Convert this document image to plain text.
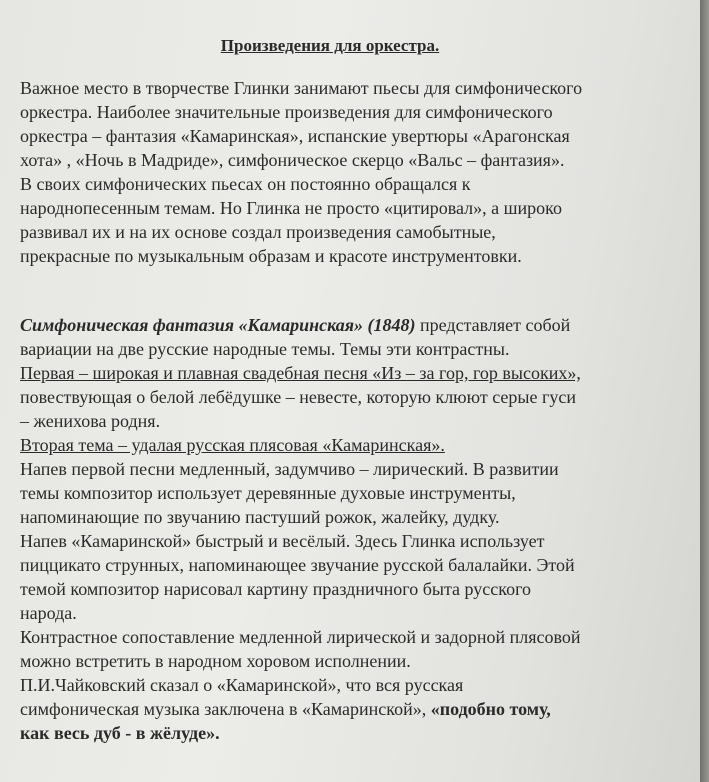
Произведения для оркестра.
Важное место в творчестве Глинки занимают пьесы для симфонического
оркестра. Наиболее значительные произведения для симфонического
оркестра – фантазия «Камаринская», испанские увертюры «Арагонская
хота» , «Ночь в Мадриде», симфоническое скерцо «Вальс – фантазия».
В своих симфонических пьесах он постоянно обращался к
народнопесенным темам. Но Глинка не просто «цитировал», а широко
развивал их и на их основе создал произведения самобытные,
прекрасные по музыкальным образам и красоте инструментовки.
Симфоническая фантазия «Камаринская» (1848) представляет собой
вариации на две русские народные темы. Темы эти контрастны.
Первая – широкая и плавная свадебная песня «Из – за гор, гор высоких»,
повествующая о белой лебёдушке – невесте, которую клюют серые гуси
– женихова родня.
Вторая тема – удалая русская плясовая «Камаринская».
Напев первой песни медленный, задумчиво – лирический. В развитии
темы композитор использует деревянные духовые инструменты,
напоминающие по звучанию пастуший рожок, жалейку, дудку.
Напев «Камаринской» быстрый и весёлый. Здесь Глинка использует
пиццикато струнных, напоминающее звучание русской балалайки. Этой
темой композитор нарисовал картину праздничного быта русского
народа.
Контрастное сопоставление медленной лирической и задорной плясовой
можно встретить в народном хоровом исполнении.
П.И.Чайковский сказал о «Камаринской», что вся русская
симфоническая музыка заключена в «Камаринской», «подобно тому,
как весь дуб - в жёлуде».
